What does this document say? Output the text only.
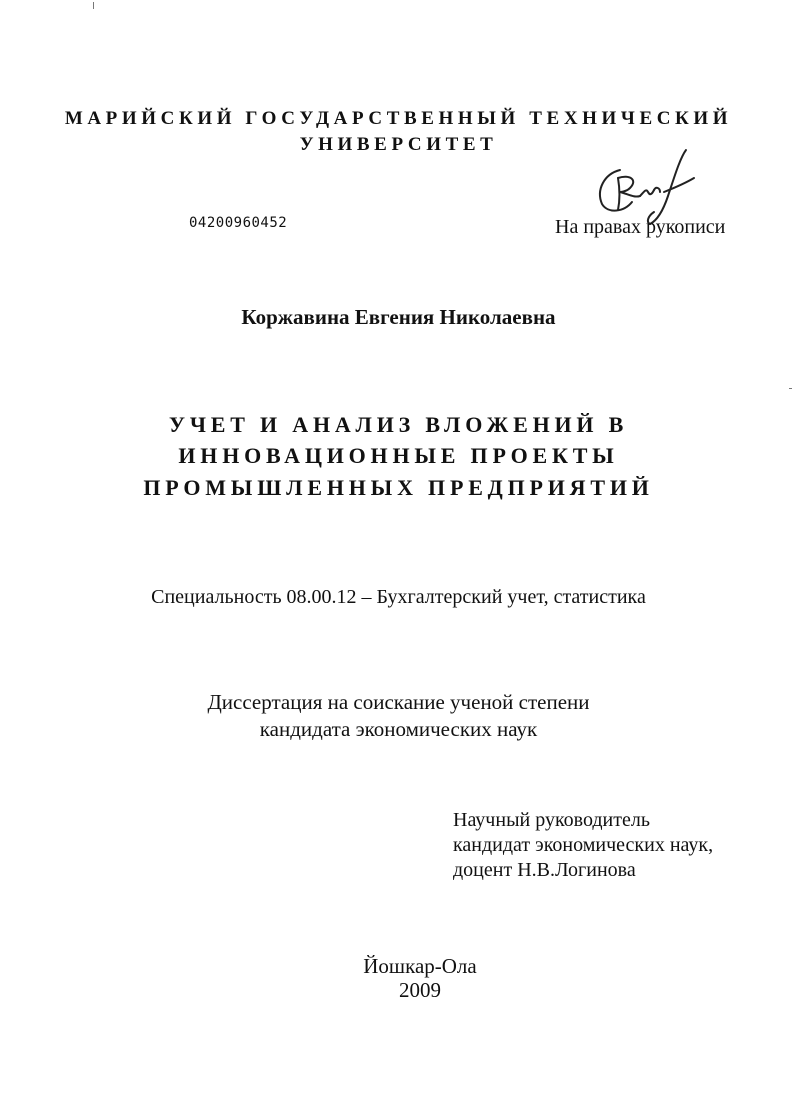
МАРИЙСКИЙ ГОСУДАРСТВЕННЫЙ ТЕХНИЧЕСКИЙ

УНИВЕРСИТЕТ

04200960452	На правах рукописи
Коржавина Евгения Николаевна
УЧЕТ И АНАЛИЗ ВЛОЖЕНИЙ В
ИННОВАЦИОННЫЕ ПРОЕКТЫ
ПРОМЫШЛЕННЫХ ПРЕДПРИЯТИЙ

Специальность 08.00.12 – Бухгалтерский учет, статистика

Диссертация на соискание ученой степени

кандидата экономических наук

Научный руководитель

кандидат экономических наук,

доцент Н.В.Логинова

Йошкар-Ола

2009
